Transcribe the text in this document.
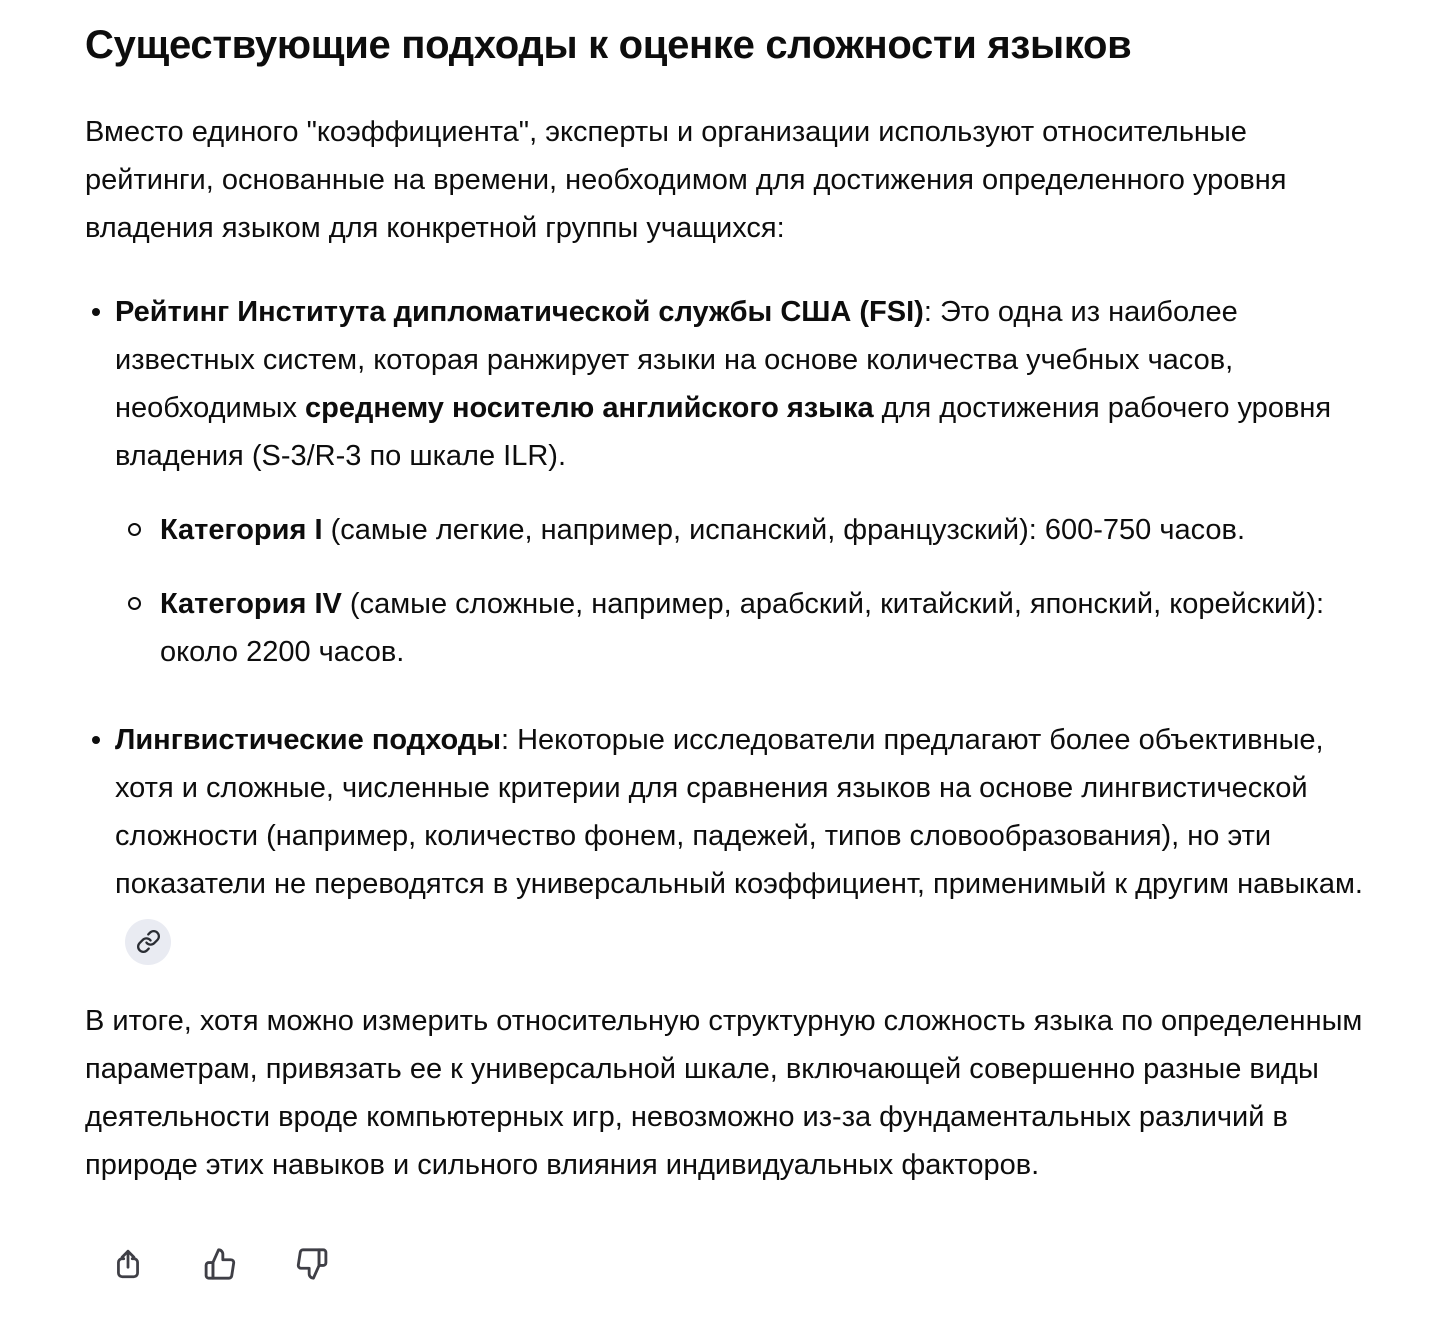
Существующие подходы к оценке сложности языков

Вместо единого "коэффициента", эксперты и организации используют относительные рейтинги, основанные на времени, необходимом для достижения определенного уровня владения языком для конкретной группы учащихся:

Рейтинг Института дипломатической службы США (FSI): Это одна из наиболее известных систем, которая ранжирует языки на основе количества учебных часов, необходимых среднему носителю английского языка для достижения рабочего уровня владения (S-3/R-3 по шкале ILR).
Категория I (самые легкие, например, испанский, французский): 600-750 часов.
Категория IV (самые сложные, например, арабский, китайский, японский, корейский): около 2200 часов.
Лингвистические подходы: Некоторые исследователи предлагают более объективные, хотя и сложные, численные критерии для сравнения языков на основе лингвистической сложности (например, количество фонем, падежей, типов словообразования), но эти показатели не переводятся в универсальный коэффициент, применимый к другим навыкам.

В итоге, хотя можно измерить относительную структурную сложность языка по определенным параметрам, привязать ее к универсальной шкале, включающей совершенно разные виды деятельности вроде компьютерных игр, невозможно из-за фундаментальных различий в природе этих навыков и сильного влияния индивидуальных факторов.
